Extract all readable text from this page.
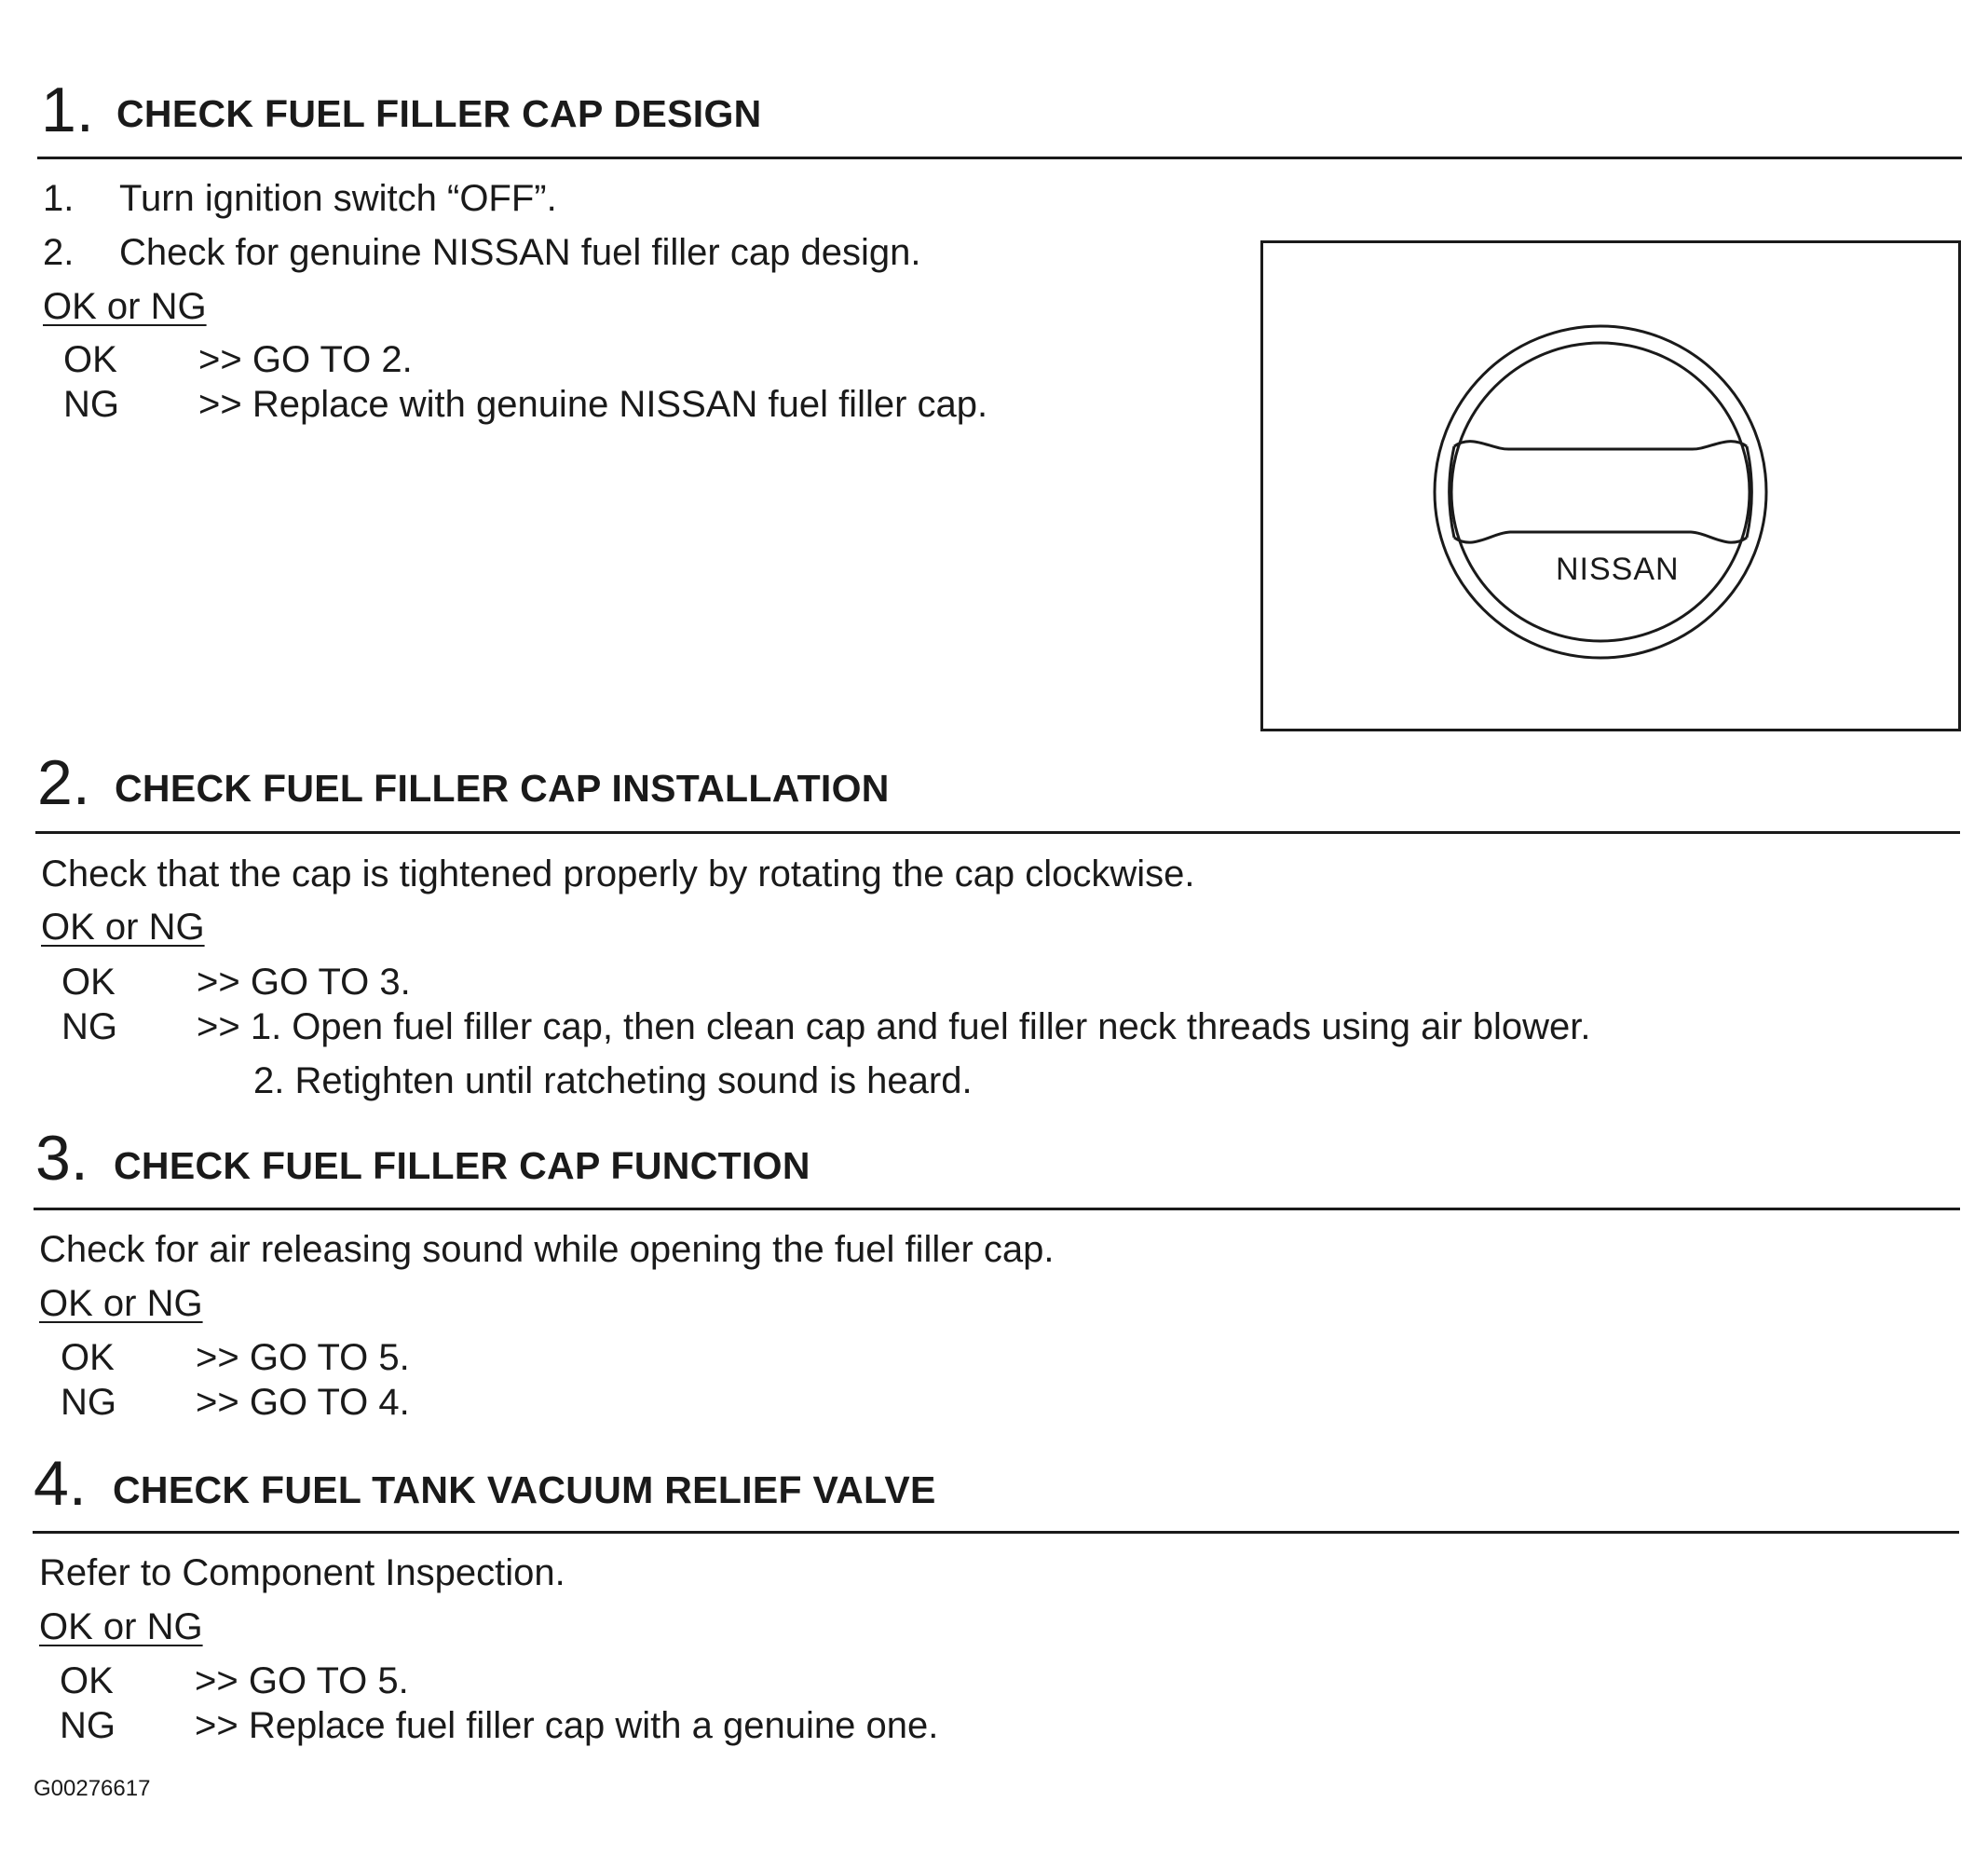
1. CHECK FUEL FILLER CAP DESIGN
1. Turn ignition switch “OFF”.
2. Check for genuine NISSAN fuel filler cap design.
OK or NG
OK >> GO TO 2.
NG >> Replace with genuine NISSAN fuel filler cap.
NISSAN
2. CHECK FUEL FILLER CAP INSTALLATION
Check that the cap is tightened properly by rotating the cap clockwise.
OK or NG
OK >> GO TO 3.
NG >> 1. Open fuel filler cap, then clean cap and fuel filler neck threads using air blower.
2. Retighten until ratcheting sound is heard.
3. CHECK FUEL FILLER CAP FUNCTION
Check for air releasing sound while opening the fuel filler cap.
OK or NG
OK >> GO TO 5.
NG >> GO TO 4.
4. CHECK FUEL TANK VACUUM RELIEF VALVE
Refer to Component Inspection.
OK or NG
OK >> GO TO 5.
NG >> Replace fuel filler cap with a genuine one.
G00276617
